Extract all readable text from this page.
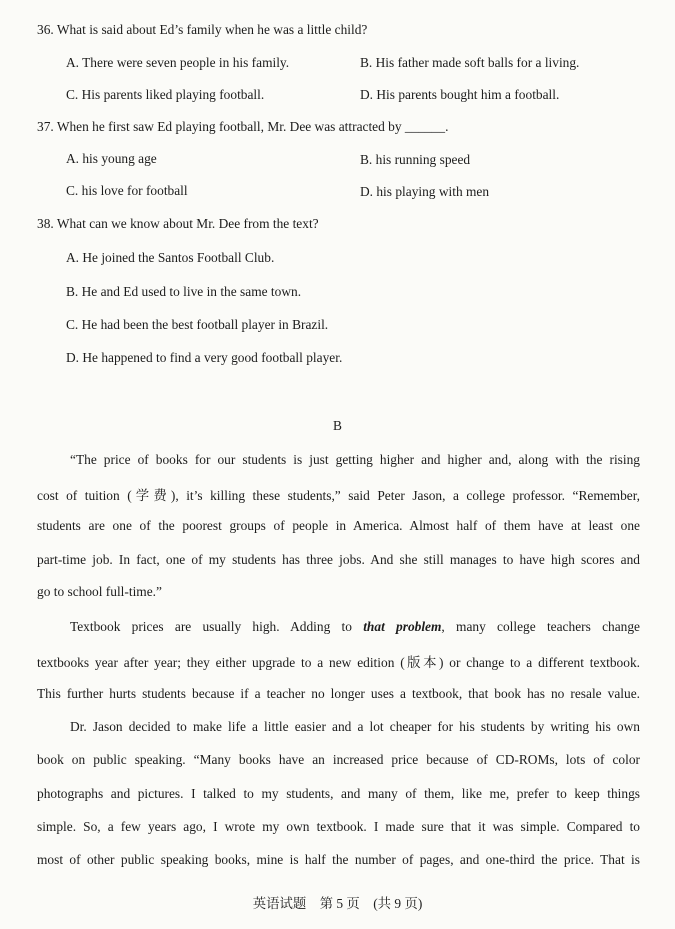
36. What is said about Ed’s family when he was a little child?
A. There were seven people in his family.	B. His father made soft balls for a living.
C. His parents liked playing football.	D. His parents bought him a football.
37. When he first saw Ed playing football, Mr. Dee was attracted by ______.
A. his young age	B. his running speed
C. his love for football	D. his playing with men
38. What can we know about Mr. Dee from the text?
A. He joined the Santos Football Club.
B. He and Ed used to live in the same town.
C. He had been the best football player in Brazil.
D. He happened to find a very good football player.
B
“The price of books for our students is just getting higher and higher and, along with the rising
cost of tuition (学费), it’s killing these students,” said Peter Jason, a college professor. “Remember,
students are one of the poorest groups of people in America. Almost half of them have at least one
part-time job. In fact, one of my students has three jobs. And she still manages to have high scores and
go to school full-time.”
Textbook prices are usually high. Adding to that problem, many college teachers change
textbooks year after year; they either upgrade to a new edition (版本) or change to a different textbook.
This further hurts students because if a teacher no longer uses a textbook, that book has no resale value.
Dr. Jason decided to make life a little easier and a lot cheaper for his students by writing his own
book on public speaking. “Many books have an increased price because of CD-ROMs, lots of color
photographs and pictures. I talked to my students, and many of them, like me, prefer to keep things
simple. So, a few years ago, I wrote my own textbook. I made sure that it was simple. Compared to
most of other public speaking books, mine is half the number of pages, and one-third the price. That is
英语试题　第 5 页　(共 9 页)
